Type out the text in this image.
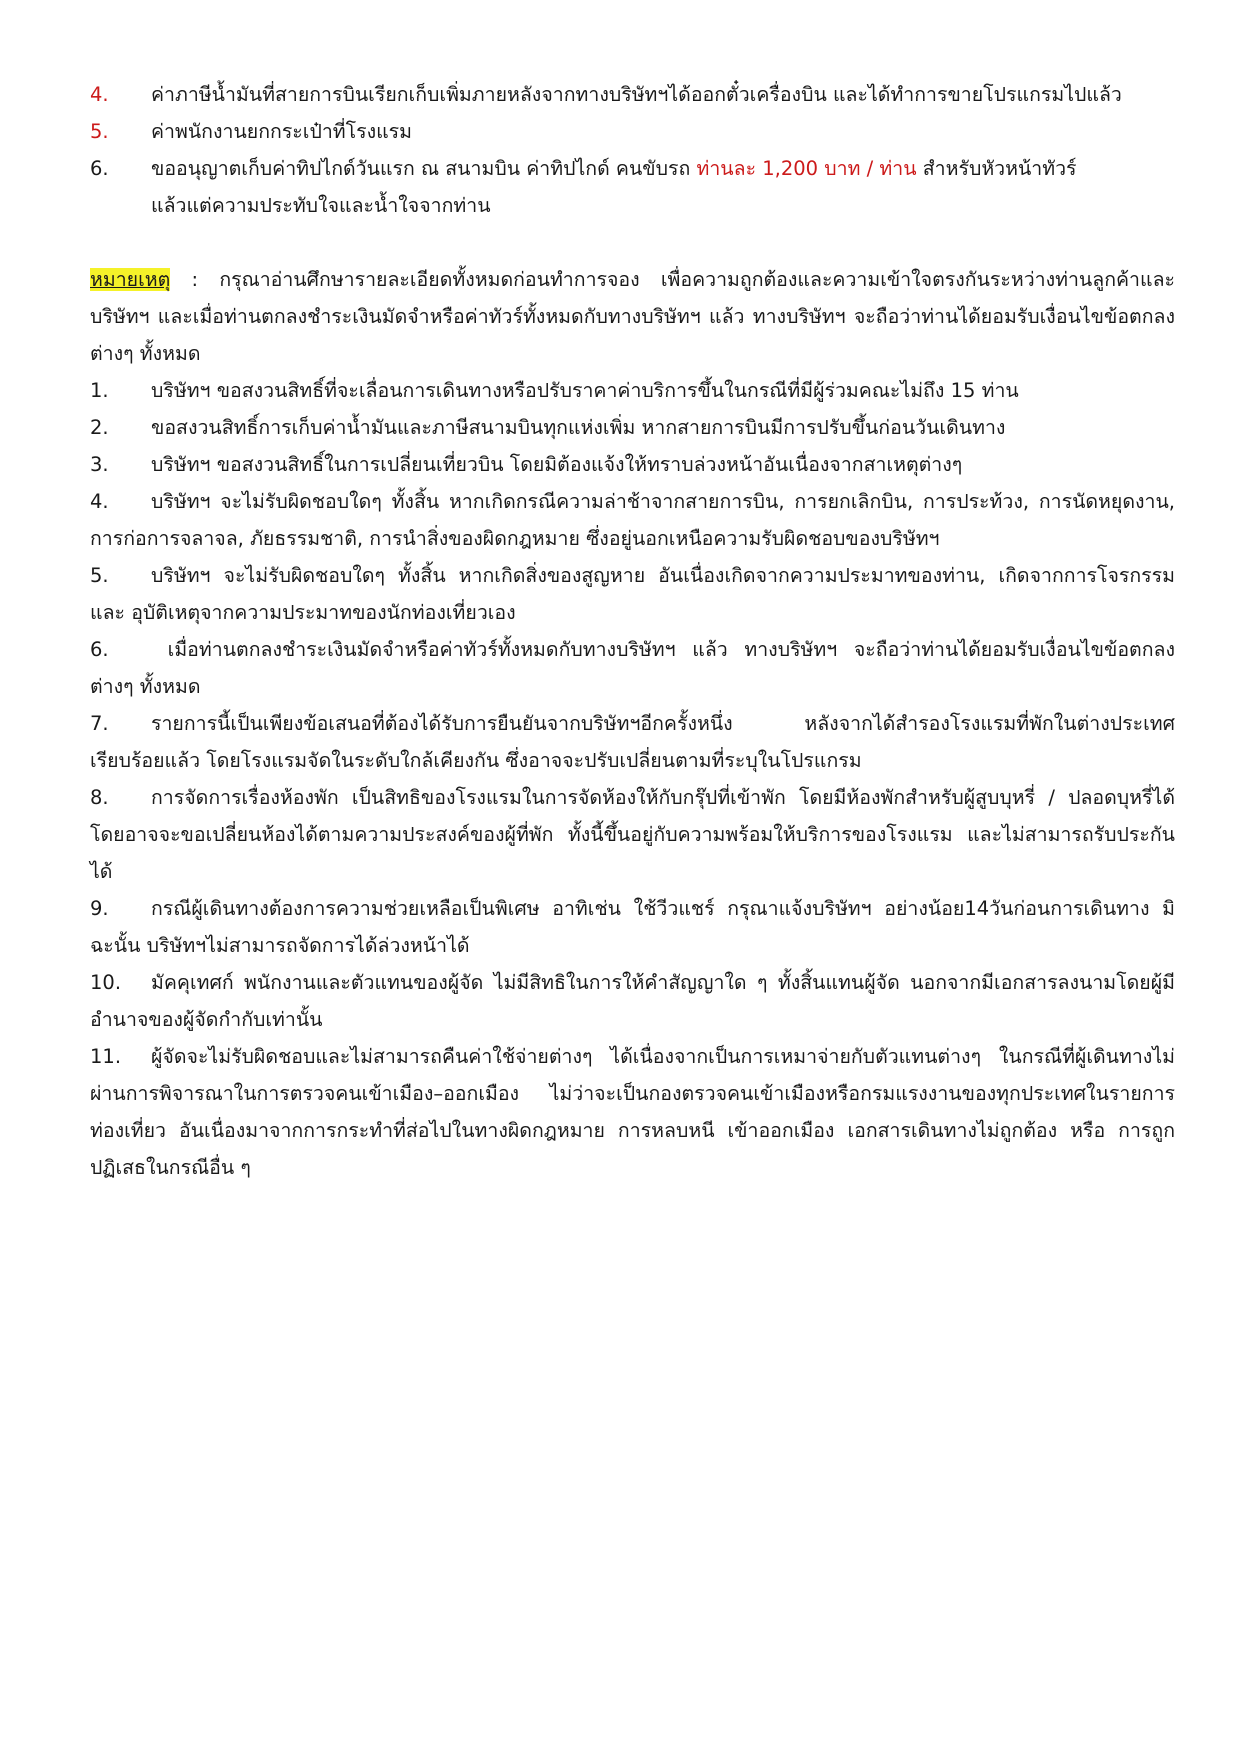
4.	ค่าภาษีน้ำมันที่สายการบินเรียกเก็บเพิ่มภายหลังจากทางบริษัทฯได้ออกตั๋วเครื่องบิน และได้ทำการขายโปรแกรมไปแล้ว
5.	ค่าพนักงานยกกระเป๋าที่โรงแรม
6.	ขออนุญาตเก็บค่าทิปไกด์วันแรก ณ สนามบิน ค่าทิปไกด์ คนขับรถ ท่านละ 1,200 บาท / ท่าน สำหรับหัวหน้าทัวร์
แล้วแต่ความประทับใจและน้ำใจจากท่าน
หมายเหตุ : กรุณาอ่านศึกษารายละเอียดทั้งหมดก่อนทำการจอง เพื่อความถูกต้องและความเข้าใจตรงกันระหว่างท่านลูกค้าและบริษัทฯ และเมื่อท่านตกลงชำระเงินมัดจำหรือค่าทัวร์ทั้งหมดกับทางบริษัทฯ แล้ว ทางบริษัทฯ จะถือว่าท่านได้ยอมรับเงื่อนไขข้อตกลงต่างๆ ทั้งหมด
1. บริษัทฯ ขอสงวนสิทธิ์ที่จะเลื่อนการเดินทางหรือปรับราคาค่าบริการขึ้นในกรณีที่มีผู้ร่วมคณะไม่ถึง 15 ท่าน
2. ขอสงวนสิทธิ์การเก็บค่าน้ำมันและภาษีสนามบินทุกแห่งเพิ่ม หากสายการบินมีการปรับขึ้นก่อนวันเดินทาง
3. บริษัทฯ ขอสงวนสิทธิ์ในการเปลี่ยนเที่ยวบิน โดยมิต้องแจ้งให้ทราบล่วงหน้าอันเนื่องจากสาเหตุต่างๆ
4. บริษัทฯ จะไม่รับผิดชอบใดๆ ทั้งสิ้น หากเกิดกรณีความล่าช้าจากสายการบิน, การยกเลิกบิน, การประท้วง, การนัดหยุดงาน, การก่อการจลาจล, ภัยธรรมชาติ, การนำสิ่งของผิดกฎหมาย ซึ่งอยู่นอกเหนือความรับผิดชอบของบริษัทฯ
5. บริษัทฯ จะไม่รับผิดชอบใดๆ ทั้งสิ้น หากเกิดสิ่งของสูญหาย อันเนื่องเกิดจากความประมาทของท่าน, เกิดจากการโจรกรรม และ อุบัติเหตุจากความประมาทของนักท่องเที่ยวเอง
6. เมื่อท่านตกลงชำระเงินมัดจำหรือค่าทัวร์ทั้งหมดกับทางบริษัทฯ แล้ว ทางบริษัทฯ จะถือว่าท่านได้ยอมรับเงื่อนไขข้อตกลงต่างๆ ทั้งหมด
7. รายการนี้เป็นเพียงข้อเสนอที่ต้องได้รับการยืนยันจากบริษัทฯอีกครั้งหนึ่ง หลังจากได้สำรองโรงแรมที่พักในต่างประเทศเรียบร้อยแล้ว โดยโรงแรมจัดในระดับใกล้เคียงกัน ซึ่งอาจจะปรับเปลี่ยนตามที่ระบุในโปรแกรม
8. การจัดการเรื่องห้องพัก เป็นสิทธิของโรงแรมในการจัดห้องให้กับกรุ๊ปที่เข้าพัก โดยมีห้องพักสำหรับผู้สูบบุหรี่ / ปลอดบุหรี่ได้ โดยอาจจะขอเปลี่ยนห้องได้ตามความประสงค์ของผู้ที่พัก ทั้งนี้ขึ้นอยู่กับความพร้อมให้บริการของโรงแรม และไม่สามารถรับประกันได้
9. กรณีผู้เดินทางต้องการความช่วยเหลือเป็นพิเศษ อาทิเช่น ใช้วีวแชร์ กรุณาแจ้งบริษัทฯ อย่างน้อย14วันก่อนการเดินทาง มิฉะนั้น บริษัทฯไม่สามารถจัดการได้ล่วงหน้าได้
10. มัคคุเทศก์ พนักงานและตัวแทนของผู้จัด ไม่มีสิทธิในการให้คำสัญญาใด ๆ ทั้งสิ้นแทนผู้จัด นอกจากมีเอกสารลงนามโดยผู้มีอำนาจของผู้จัดกำกับเท่านั้น
11. ผู้จัดจะไม่รับผิดชอบและไม่สามารถคืนค่าใช้จ่ายต่างๆ ได้เนื่องจากเป็นการเหมาจ่ายกับตัวแทนต่างๆ ในกรณีที่ผู้เดินทางไม่ผ่านการพิจารณาในการตรวจคนเข้าเมือง–ออกเมือง ไม่ว่าจะเป็นกองตรวจคนเข้าเมืองหรือกรมแรงงานของทุกประเทศในรายการท่องเที่ยว อันเนื่องมาจากการกระทำที่ส่อไปในทางผิดกฎหมาย การหลบหนี เข้าออกเมือง เอกสารเดินทางไม่ถูกต้อง หรือ การถูกปฏิเสธในกรณีอื่น ๆ
